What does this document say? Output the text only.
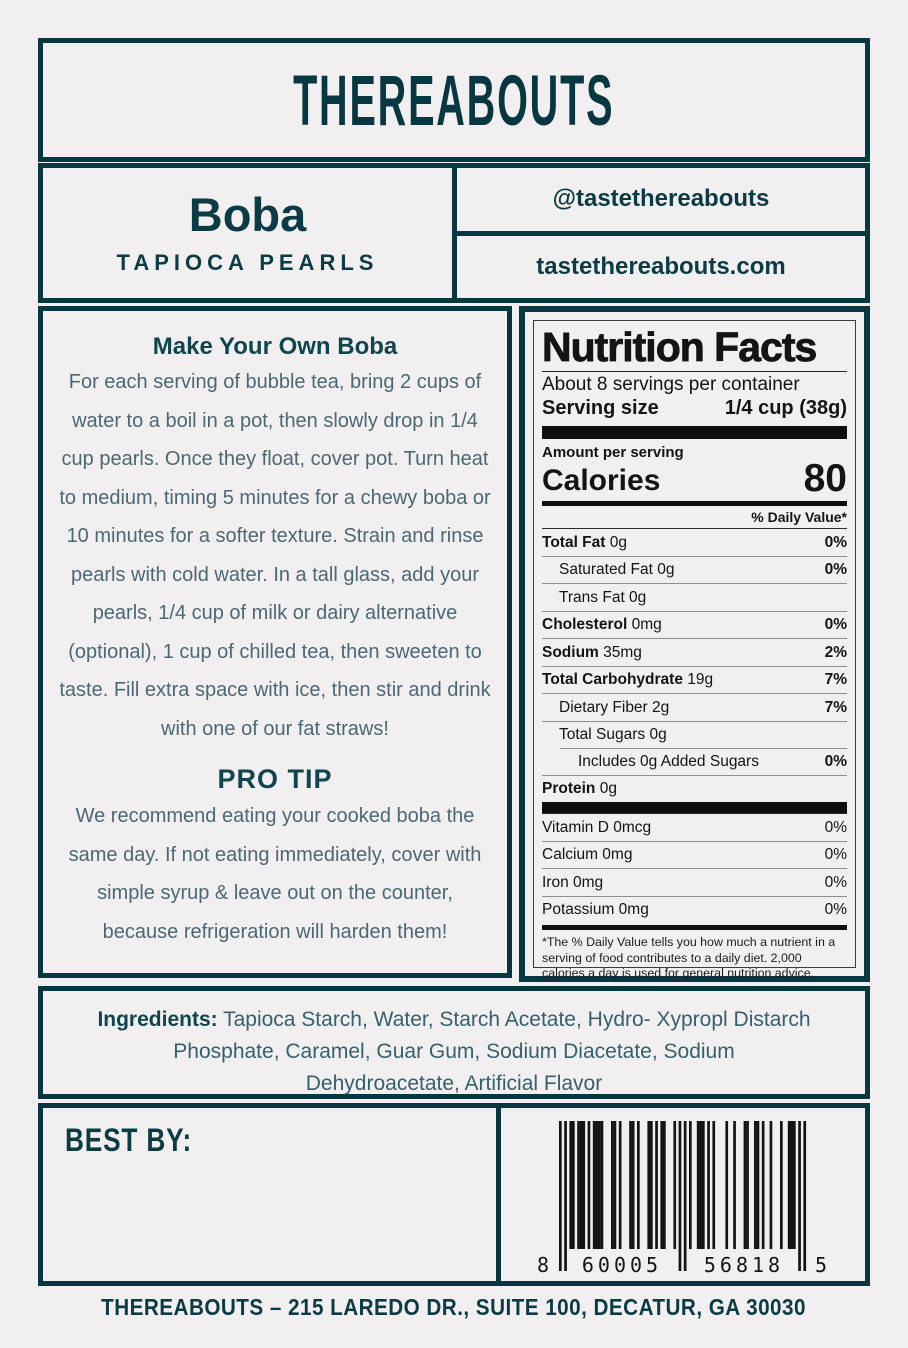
THEREABOUTS
Boba
TAPIOCA PEARLS
@tastethereabouts
tastethereabouts.com
Make Your Own Boba
For each serving of bubble tea, bring 2 cups of water to a boil in a pot, then slowly drop in 1/4 cup pearls. Once they float, cover pot. Turn heat to medium, timing 5 minutes for a chewy boba or 10 minutes for a softer texture. Strain and rinse pearls with cold water. In a tall glass, add your pearls, 1/4 cup of milk or dairy alternative (optional), 1 cup of chilled tea, then sweeten to taste. Fill extra space with ice, then stir and drink with one of our fat straws!
PRO TIP
We recommend eating your cooked boba the same day. If not eating immediately, cover with simple syrup & leave out on the counter, because refrigeration will harden them!
Nutrition Facts
About 8 servings per container
Serving size	1/4 cup (38g)
Amount per serving
Calories	80
% Daily Value*
Total Fat 0g	0%
Saturated Fat 0g	0%
Trans Fat 0g
Cholesterol 0mg	0%
Sodium 35mg	2%
Total Carbohydrate 19g	7%
Dietary Fiber 2g	7%
Total Sugars 0g
Includes 0g Added Sugars	0%
Protein 0g
Vitamin D 0mcg	0%
Calcium 0mg	0%
Iron 0mg	0%
Potassium 0mg	0%
*The % Daily Value tells you how much a nutrient in a serving of food contributes to a daily diet. 2,000 calories a day is used for general nutrition advice.
Ingredients: Tapioca Starch, Water, Starch Acetate, Hydro- Xypropl Distarch Phosphate, Caramel, Guar Gum, Sodium Diacetate, Sodium Dehydroacetate, Artificial Flavor
BEST BY:
8	60005	56818	5
THEREABOUTS – 215 LAREDO DR., SUITE 100, DECATUR, GA 30030
